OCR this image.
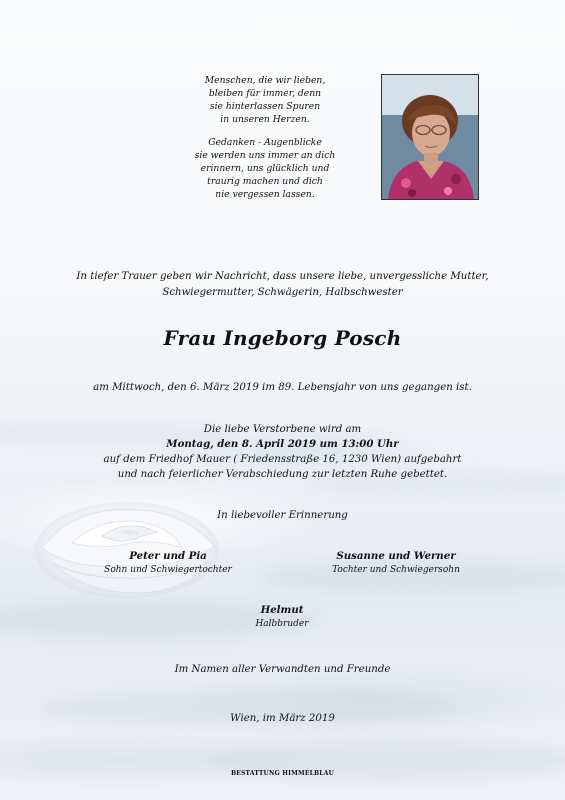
Menschen, die wir lieben,
bleiben für immer, denn
sie hinterlassen Spuren
in unseren Herzen.
Gedanken - Augenblicke
sie werden uns immer an dich
erinnern, uns glücklich und
traurig machen und dich
nie vergessen lassen.
In tiefer Trauer geben wir Nachricht, dass unsere liebe, unvergessliche Mutter,
Schwiegermutter, Schwägerin, Halbschwester
Frau Ingeborg Posch
am Mittwoch, den 6. März 2019 im 89. Lebensjahr von uns gegangen ist.
Die liebe Verstorbene wird am
Montag, den 8. April 2019 um 13:00 Uhr
auf dem Friedhof Mauer ( Friedensstraße 16, 1230 Wien) aufgebahrt
und nach feierlicher Verabschiedung zur letzten Ruhe gebettet.
In liebevoller Erinnerung
Peter und Pia
Sohn und Schwiegertochter
Susanne und Werner
Tochter und Schwiegersohn
Helmut
Halbbruder
Im Namen aller Verwandten und Freunde
Wien, im März 2019
BESTATTUNG HIMMELBLAU
